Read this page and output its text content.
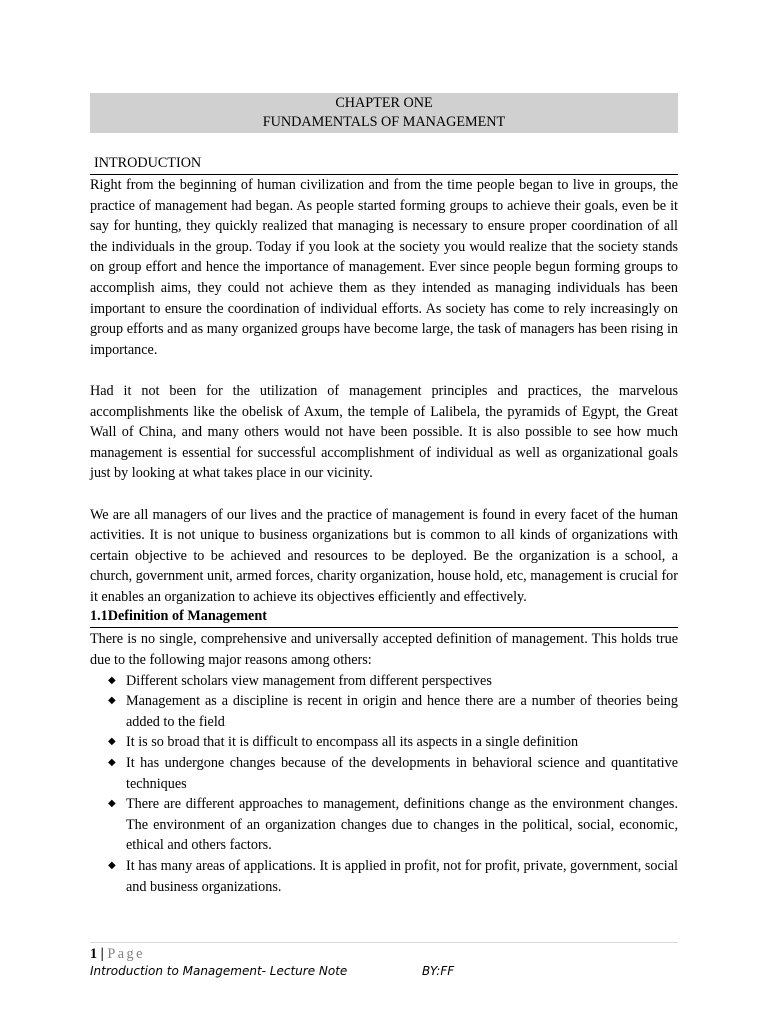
CHAPTER ONE
FUNDAMENTALS OF MANAGEMENT
INTRODUCTION

Right from the beginning of human civilization and from the time people began to live in groups, the practice of management had began. As people started forming groups to achieve their goals, even be it say for hunting, they quickly realized that managing is necessary to ensure proper coordination of all the individuals in the group. Today if you look at the society you would realize that the society stands on group effort and hence the importance of management. Ever since people begun forming groups to accomplish aims, they could not achieve them as they intended as managing individuals has been important to ensure the coordination of individual efforts. As society has come to rely increasingly on group efforts and as many organized groups have become large, the task of managers has been rising in importance.

Had it not been for the utilization of management principles and practices, the marvelous accomplishments like the obelisk of Axum, the temple of Lalibela, the pyramids of Egypt, the Great Wall of China, and many others would not have been possible. It is also possible to see how much management is essential for successful accomplishment of individual as well as organizational goals just by looking at what takes place in our vicinity.

We are all managers of our lives and the practice of management is found in every facet of the human activities. It is not unique to business organizations but is common to all kinds of organizations with certain objective to be achieved and resources to be deployed. Be the organization is a school, a church, government unit, armed forces, charity organization, house hold, etc, management is crucial for it enables an organization to achieve its objectives efficiently and effectively.

1.1Definition of Management

There is no single, comprehensive and universally accepted definition of management. This holds true due to the following major reasons among others:

◆ Different scholars view management from different perspectives
◆ Management as a discipline is recent in origin and hence there are a number of theories being added to the field
◆ It is so broad that it is difficult to encompass all its aspects in a single definition
◆ It has undergone changes because of the developments in behavioral science and quantitative techniques
◆ There are different approaches to management, definitions change as the environment changes. The environment of an organization changes due to changes in the political, social, economic, ethical and others factors.
◆ It has many areas of applications. It is applied in profit, not for profit, private, government, social and business organizations.
1 | Page
Introduction to Management- Lecture Note	BY:FF
